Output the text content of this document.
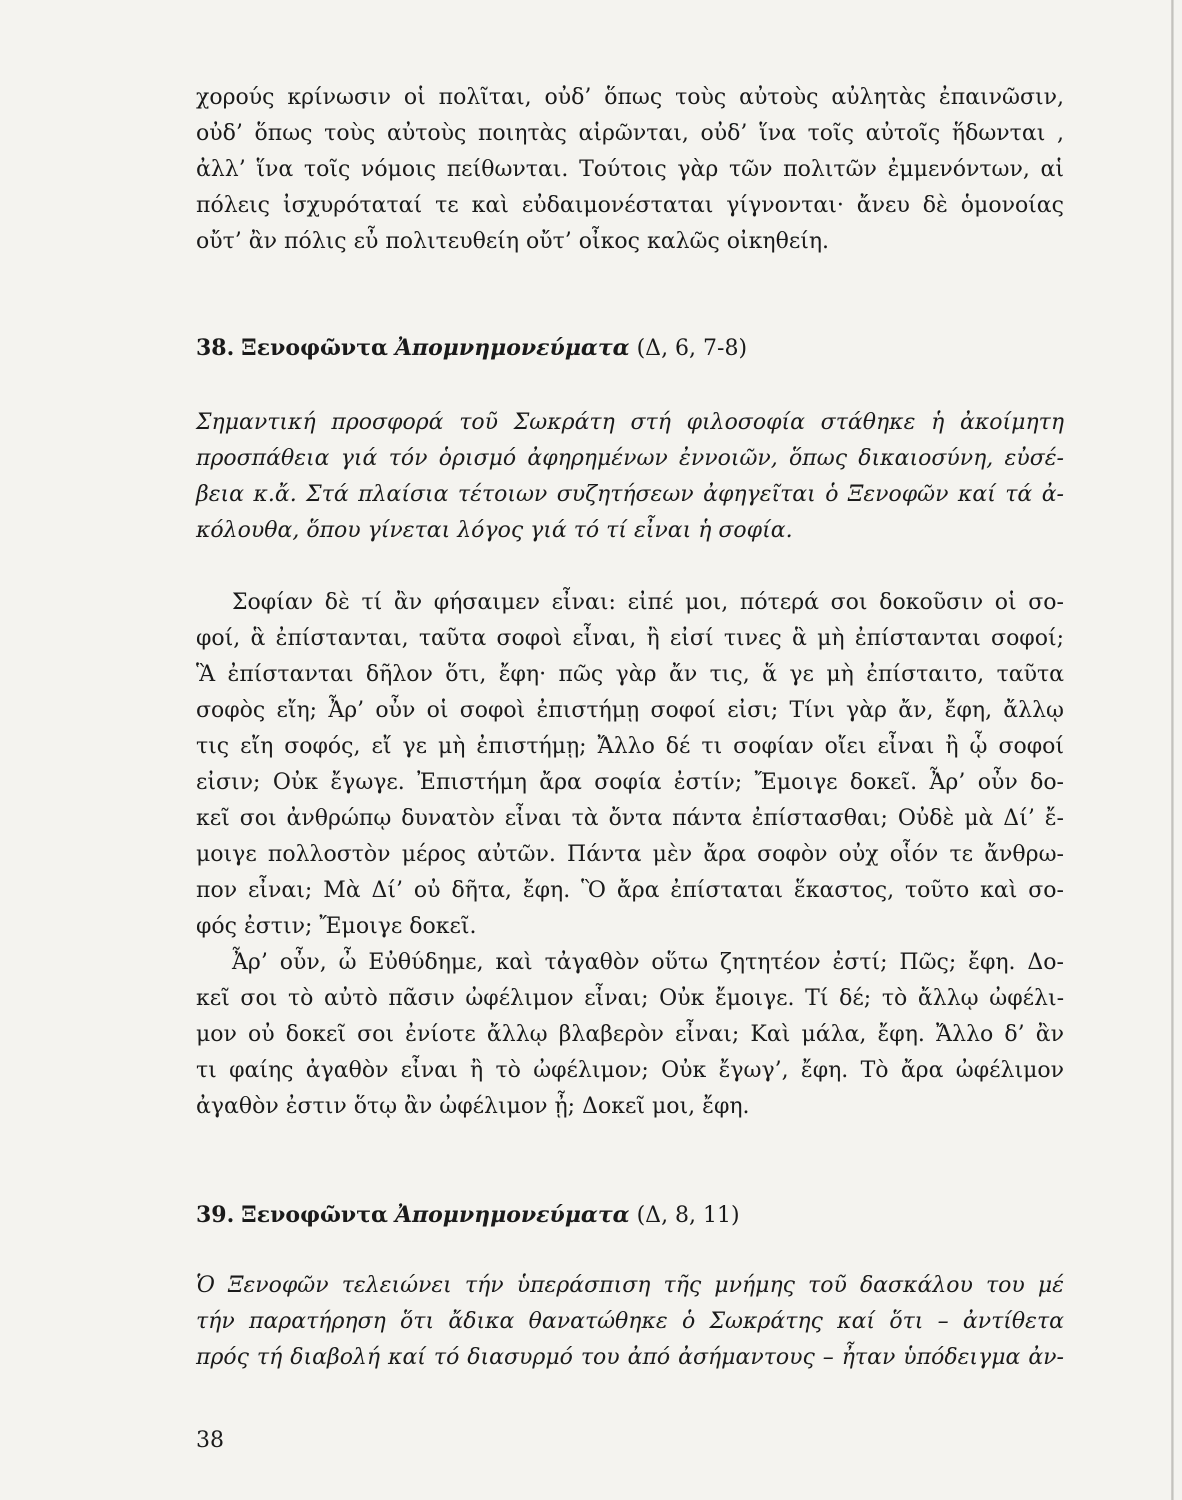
χορούς κρίνωσιν οἱ πολῖται, οὐδ’ ὅπως τοὺς αὐτοὺς αὐλητὰς ἐπαινῶσιν,
οὐδ’ ὅπως τοὺς αὐτοὺς ποιητὰς αἱρῶνται, οὐδ’ ἵνα τοῖς αὐτοῖς ἥδωνται ,
ἀλλ’ ἵνα τοῖς νόμοις πείθωνται. Τούτοις γὰρ τῶν πολιτῶν ἐμμενόντων, αἱ
πόλεις ἰσχυρόταταί τε καὶ εὐδαιμονέσταται γίγνονται· ἄνευ δὲ ὁμονοίας
οὔτ’ ἂν πόλις εὖ πολιτευθείη οὔτ’ οἶκος καλῶς οἰκηθείη.
38. Ξενοφῶντα Ἀπομνημονεύματα (Δ, 6, 7-8)
Σημαντική προσφορά τοῦ Σωκράτη στή φιλοσοφία στάθηκε ἡ ἀκοίμητη
προσπάθεια γιά τόν ὁρισμό ἀφηρημένων ἐννοιῶν, ὅπως δικαιοσύνη, εὐσέ-
βεια κ.ἄ. Στά πλαίσια τέτοιων συζητήσεων ἀφηγεῖται ὁ Ξενοφῶν καί τά ἀ-
κόλουθα, ὅπου γίνεται λόγος γιά τό τί εἶναι ἡ σοφία.
Σοφίαν δὲ τί ἂν φήσαιμεν εἶναι: εἰπέ μοι, πότερά σοι δοκοῦσιν οἱ σο-
φοί, ἃ ἐπίστανται, ταῦτα σοφοὶ εἶναι, ἢ εἰσί τινες ἃ μὴ ἐπίστανται σοφοί;
Ἃ ἐπίστανται δῆλον ὅτι, ἔφη· πῶς γὰρ ἄν τις, ἅ γε μὴ ἐπίσταιτο, ταῦτα
σοφὸς εἴη; Ἆρ’ οὖν οἱ σοφοὶ ἐπιστήμῃ σοφοί εἰσι; Τίνι γὰρ ἄν, ἔφη, ἄλλῳ
τις εἴη σοφός, εἴ γε μὴ ἐπιστήμῃ; Ἄλλο δέ τι σοφίαν οἴει εἶναι ἢ ᾧ σοφοί
εἰσιν; Οὐκ ἔγωγε. Ἐπιστήμη ἄρα σοφία ἐστίν; Ἔμοιγε δοκεῖ. Ἆρ’ οὖν δο-
κεῖ σοι ἀνθρώπῳ δυνατὸν εἶναι τὰ ὄντα πάντα ἐπίστασθαι; Οὐδὲ μὰ Δί’ ἔ-
μοιγε πολλοστὸν μέρος αὐτῶν. Πάντα μὲν ἄρα σοφὸν οὐχ οἷόν τε ἄνθρω-
πον εἶναι; Μὰ Δί’ οὐ δῆτα, ἔφη. Ὃ ἄρα ἐπίσταται ἕκαστος, τοῦτο καὶ σο-
φός ἐστιν; Ἔμοιγε δοκεῖ.
Ἆρ’ οὖν, ὦ Εὐθύδημε, καὶ τἀγαθὸν οὕτω ζητητέον ἐστί; Πῶς; ἔφη. Δο-
κεῖ σοι τὸ αὐτὸ πᾶσιν ὠφέλιμον εἶναι; Οὐκ ἔμοιγε. Τί δέ; τὸ ἄλλῳ ὠφέλι-
μον οὐ δοκεῖ σοι ἐνίοτε ἄλλῳ βλαβερὸν εἶναι; Καὶ μάλα, ἔφη. Ἄλλο δ’ ἂν
τι φαίης ἀγαθὸν εἶναι ἢ τὸ ὠφέλιμον; Οὐκ ἔγωγ’, ἔφη. Τὸ ἄρα ὠφέλιμον
ἀγαθὸν ἐστιν ὅτῳ ἂν ὠφέλιμον ᾖ; Δοκεῖ μοι, ἔφη.
39. Ξενοφῶντα Ἀπομνημονεύματα (Δ, 8, 11)
Ὁ Ξενοφῶν τελειώνει τήν ὑπεράσπιση τῆς μνήμης τοῦ δασκάλου του μέ
τήν παρατήρηση ὅτι ἄδικα θανατώθηκε ὁ Σωκράτης καί ὅτι – ἀντίθετα
πρός τή διαβολή καί τό διασυρμό του ἀπό ἀσήμαντους – ἦταν ὑπόδειγμα ἀν-
38
